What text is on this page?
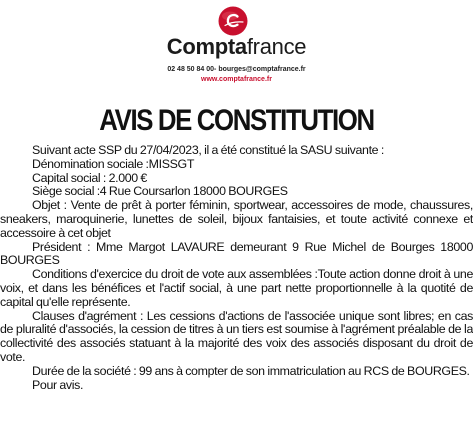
Comptafrance
02 48 50 84 00- bourges@comptafrance.fr
www.comptafrance.fr
AVIS DE CONSTITUTION

Suivant acte SSP du 27/04/2023, il a été constitué la SASU suivante :

Dénomination sociale :MISSGT

Capital social : 2.000 €

Siège social :4 Rue Coursarlon 18000 BOURGES

Objet : Vente de prêt à porter féminin, sportwear, accessoires de mode, chaussures, sneakers, maroquinerie, lunettes de soleil, bijoux fantaisies, et toute activité connexe et accessoire à cet objet

Président : Mme Margot LAVAURE demeurant 9 Rue Michel de Bourges 18000 BOURGES

Conditions d'exercice du droit de vote aux assemblées :Toute action donne droit à une voix, et dans les bénéfices et l'actif social, à une part nette proportionnelle à la quotité de capital qu'elle représente.

Clauses d'agrément : Les cessions d'actions de l'associée unique sont libres; en cas de pluralité d'associés, la cession de titres à un tiers est soumise à l'agrément préalable de la collectivité des associés statuant à la majorité des voix des associés disposant du droit de vote.

Durée de la société : 99 ans à compter de son immatriculation au RCS de BOURGES.

Pour avis.
